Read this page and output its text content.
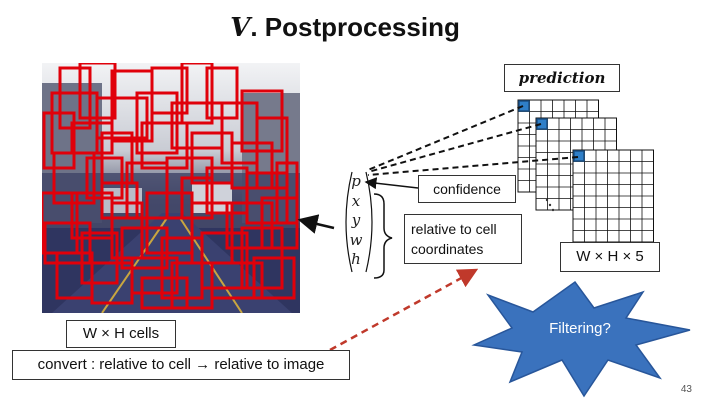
V. Postprocessing
prediction
confidence
relative to cell
coordinates	W × H × 5
W × H cells
convert : relative to cell → relative to image
p
x
y
w
h
Filtering?
43
